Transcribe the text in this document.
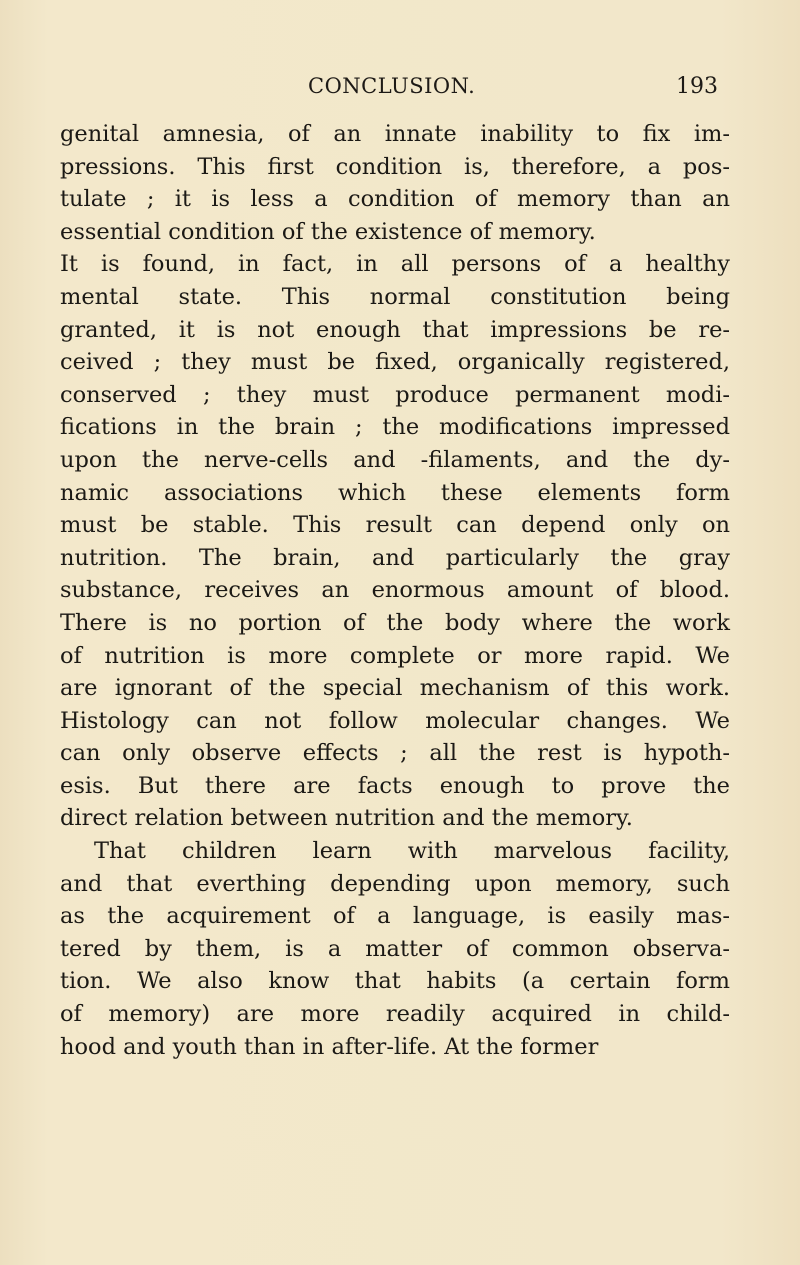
CONCLUSION.	193
genital amnesia, of an innate inability to fix im-
pressions. This first condition is, therefore, a pos-
tulate ; it is less a condition of memory than an
essential condition of the existence of memory.
It is found, in fact, in all persons of a healthy
mental state. This normal constitution being
granted, it is not enough that impressions be re-
ceived ; they must be fixed, organically registered,
conserved ; they must produce permanent modi-
fications in the brain ; the modifications impressed
upon the nerve-cells and -filaments, and the dy-
namic associations which these elements form
must be stable. This result can depend only on
nutrition. The brain, and particularly the gray
substance, receives an enormous amount of blood.
There is no portion of the body where the work
of nutrition is more complete or more rapid. We
are ignorant of the special mechanism of this work.
Histology can not follow molecular changes. We
can only observe effects ; all the rest is hypoth-
esis. But there are facts enough to prove the
direct relation between nutrition and the memory.
That children learn with marvelous facility,
and that everthing depending upon memory, such
as the acquirement of a language, is easily mas-
tered by them, is a matter of common observa-
tion. We also know that habits (a certain form
of memory) are more readily acquired in child-
hood and youth than in after-life. At the former
